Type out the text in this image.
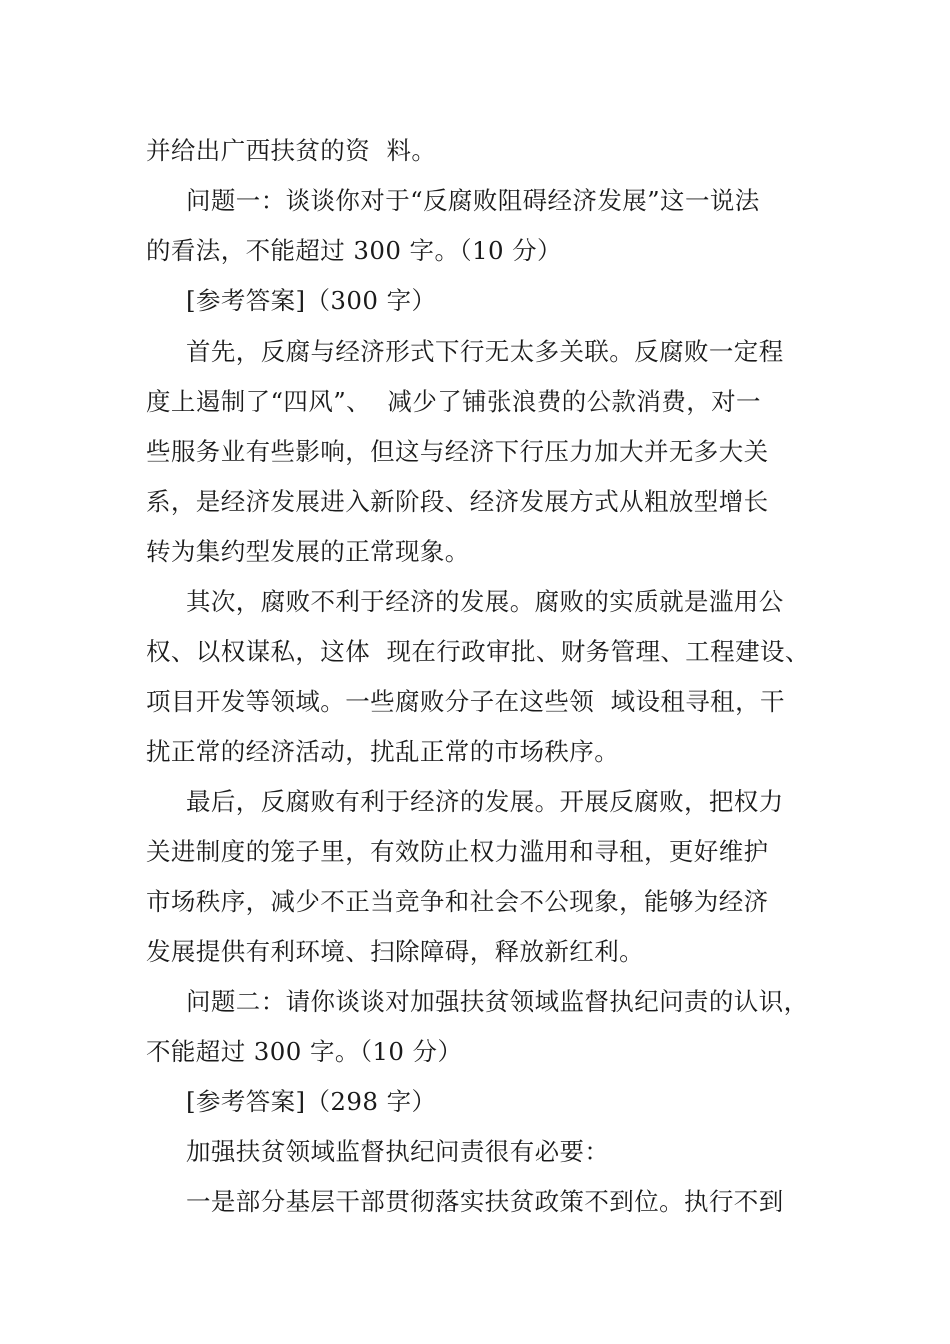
并给出广西扶贫的资  料。
问题一：谈谈你对于“反腐败阻碍经济发展”这一说法
的看法，不能超过 300 字。（10 分）
[参考答案]（300 字）
首先，反腐与经济形式下行无太多关联。反腐败一定程
度上遏制了“四风”、  减少了铺张浪费的公款消费，对一
些服务业有些影响，但这与经济下行压力加大并无多大关
系，是经济发展进入新阶段、经济发展方式从粗放型增长
转为集约型发展的正常现象。
其次，腐败不利于经济的发展。腐败的实质就是滥用公
权、以权谋私，这体  现在行政审批、财务管理、工程建设、
项目开发等领域。一些腐败分子在这些领  域设租寻租，干
扰正常的经济活动，扰乱正常的市场秩序。
最后，反腐败有利于经济的发展。开展反腐败，把权力
关进制度的笼子里，有效防止权力滥用和寻租，更好维护
市场秩序，减少不正当竞争和社会不公现象，能够为经济
发展提供有利环境、扫除障碍，释放新红利。
问题二：请你谈谈对加强扶贫领域监督执纪问责的认识，
不能超过 300 字。（10 分）
[参考答案]（298 字）
加强扶贫领域监督执纪问责很有必要：
一是部分基层干部贯彻落实扶贫政策不到位。执行不到
